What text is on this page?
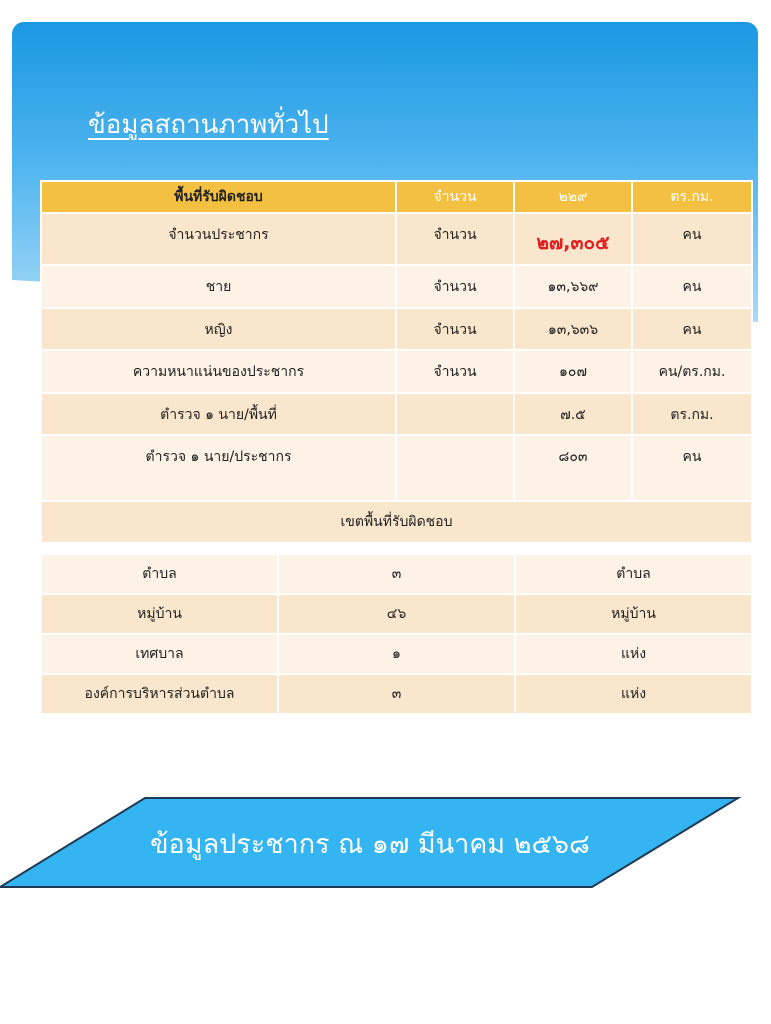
ข้อมูลสถานภาพทั่วไป
พื้นที่รับผิดชอบ	จำนวน	๒๒๙	ตร.กม.
จำนวนประชากร	จำนวน	๒๗,๓๐๕	คน
ชาย	จำนวน	๑๓,๖๖๙	คน
หญิง	จำนวน	๑๓,๖๓๖	คน
ความหนาแน่นของประชากร	จำนวน	๑๐๗	คน/ตร.กม.
ตำรวจ ๑ นาย/พื้นที่		๗.๕	ตร.กม.
ตำรวจ ๑ นาย/ประชากร		๘๐๓	คน
เขตพื้นที่รับผิดชอบ			
ตำบล	๓	ตำบล
หมู่บ้าน	๔๖	หมู่บ้าน
เทศบาล	๑	แห่ง
องค์การบริหารส่วนตำบล	๓	แห่ง
ข้อมูลประชากร ณ ๑๗ มีนาคม ๒๕๖๘
